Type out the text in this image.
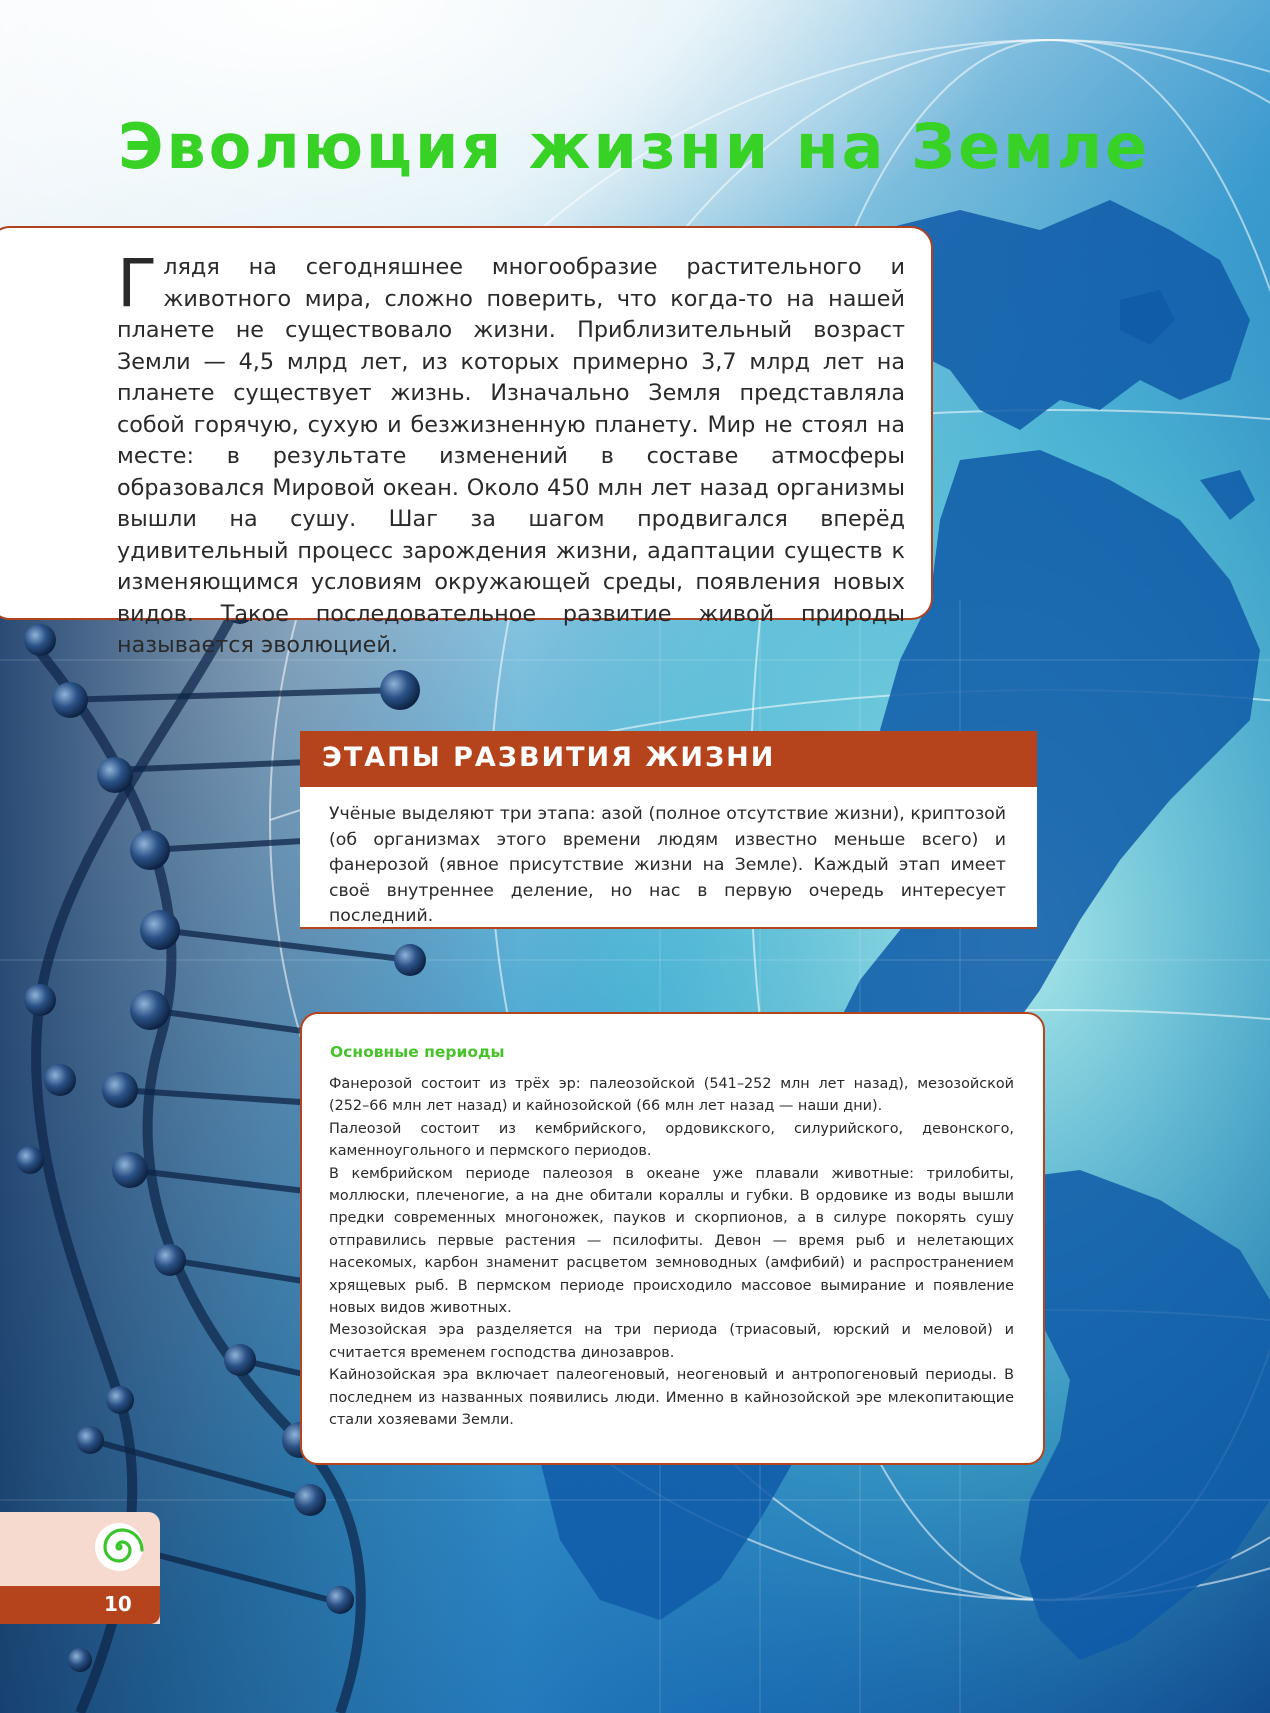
Эволюция жизни на Земле

Глядя на сегодняшнее многообразие растительного и животного мира, сложно поверить, что когда-то на нашей планете не существовало жизни. Приблизительный возраст Земли — 4,5 млрд лет, из которых примерно 3,7 млрд лет на планете существует жизнь. Изначально Земля представляла собой горячую, сухую и безжизненную планету. Мир не стоял на месте: в результате изменений в составе атмосферы образовался Мировой океан. Около 450 млн лет назад организмы вышли на сушу. Шаг за шагом продвигался вперёд удивительный процесс зарождения жизни, адаптации существ к изменяющимся условиям окружающей среды, появления новых видов. Такое последовательное развитие живой природы называется эволюцией.

ЭТАПЫ РАЗВИТИЯ ЖИЗНИ

Учёные выделяют три этапа: азой (полное отсутствие жизни), криптозой (об организмах этого времени людям известно меньше всего) и фанерозой (явное присутствие жизни на Земле). Каждый этап имеет своё внутреннее деление, но нас в первую очередь интересует последний.

Основные периоды

Фанерозой состоит из трёх эр: палеозойской (541–252 млн лет назад), мезозойской (252–66 млн лет назад) и кайнозойской (66 млн лет назад — наши дни).

Палеозой состоит из кембрийского, ордовикского, силурийского, девонского, каменноугольного и пермского периодов.

В кембрийском периоде палеозоя в океане уже плавали животные: трилобиты, моллюски, плеченогие, а на дне обитали кораллы и губки. В ордовике из воды вышли предки современных многоножек, пауков и скорпионов, а в силуре покорять сушу отправились первые растения — псилофиты. Девон — время рыб и нелетающих насекомых, карбон знаменит расцветом земноводных (амфибий) и распространением хрящевых рыб. В пермском периоде происходило массовое вымирание и появление новых видов животных.

Мезозойская эра разделяется на три периода (триасовый, юрский и меловой) и считается временем господства динозавров.

Кайнозойская эра включает палеогеновый, неогеновый и антропогеновый периоды. В последнем из названных появились люди. Именно в кайнозойской эре млекопитающие стали хозяевами Земли.

10
